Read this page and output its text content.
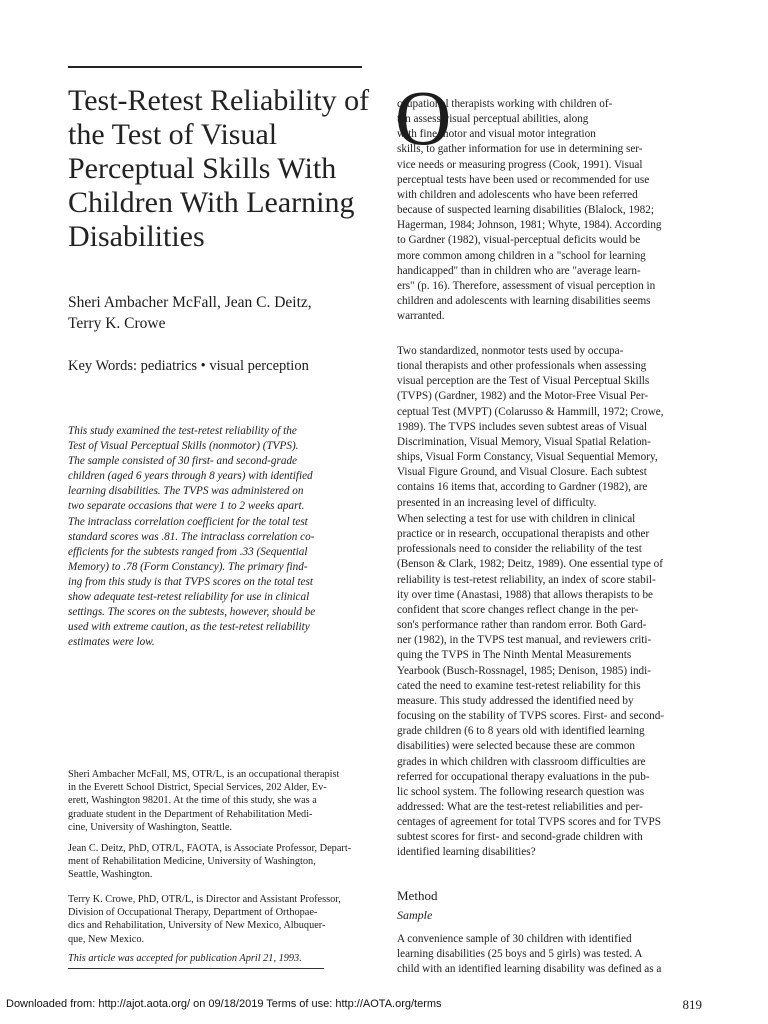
Test-Retest Reliability of
the Test of Visual
Perceptual Skills With
Children With Learning
Disabilities
Sheri Ambacher McFall, Jean C. Deitz,
Terry K. Crowe
Key Words: pediatrics • visual perception
This study examined the test-retest reliability of the
Test of Visual Perceptual Skills (nonmotor) (TVPS).
The sample consisted of 30 first- and second-grade
children (aged 6 years through 8 years) with identified
learning disabilities. The TVPS was administered on
two separate occasions that were 1 to 2 weeks apart.
The intraclass correlation coefficient for the total test
standard scores was .81. The intraclass correlation co-
efficients for the subtests ranged from .33 (Sequential
Memory) to .78 (Form Constancy). The primary find-
ing from this study is that TVPS scores on the total test
show adequate test-retest reliability for use in clinical
settings. The scores on the subtests, however, should be
used with extreme caution, as the test-retest reliability
estimates were low.
Sheri Ambacher McFall, MS, OTR/L, is an occupational therapist
in the Everett School District, Special Services, 202 Alder, Ev-
erett, Washington 98201. At the time of this study, she was a
graduate student in the Department of Rehabilitation Medi-
cine, University of Washington, Seattle.
Jean C. Deitz, PhD, OTR/L, FAOTA, is Associate Professor, Depart-
ment of Rehabilitation Medicine, University of Washington,
Seattle, Washington.
Terry K. Crowe, PhD, OTR/L, is Director and Assistant Professor,
Division of Occupational Therapy, Department of Orthopae-
dics and Rehabilitation, University of New Mexico, Albuquer-
que, New Mexico.
This article was accepted for publication April 21, 1993.
O
ccupational therapists working with children of-
ten assess visual perceptual abilities, along
with fine motor and visual motor integration
skills, to gather information for use in determining ser-
vice needs or measuring progress (Cook, 1991). Visual
perceptual tests have been used or recommended for use
with children and adolescents who have been referred
because of suspected learning disabilities (Blalock, 1982;
Hagerman, 1984; Johnson, 1981; Whyte, 1984). According
to Gardner (1982), visual-perceptual deficits would be
more common among children in a "school for learning
handicapped" than in children who are "average learn-
ers" (p. 16). Therefore, assessment of visual perception in
children and adolescents with learning disabilities seems
warranted.
Two standardized, nonmotor tests used by occupa-
tional therapists and other professionals when assessing
visual perception are the Test of Visual Perceptual Skills
(TVPS) (Gardner, 1982) and the Motor-Free Visual Per-
ceptual Test (MVPT) (Colarusso & Hammill, 1972; Crowe,
1989). The TVPS includes seven subtest areas of Visual
Discrimination, Visual Memory, Visual Spatial Relation-
ships, Visual Form Constancy, Visual Sequential Memory,
Visual Figure Ground, and Visual Closure. Each subtest
contains 16 items that, according to Gardner (1982), are
presented in an increasing level of difficulty.
When selecting a test for use with children in clinical
practice or in research, occupational therapists and other
professionals need to consider the reliability of the test
(Benson & Clark, 1982; Deitz, 1989). One essential type of
reliability is test-retest reliability, an index of score stabil-
ity over time (Anastasi, 1988) that allows therapists to be
confident that score changes reflect change in the per-
son's performance rather than random error. Both Gard-
ner (1982), in the TVPS test manual, and reviewers criti-
quing the TVPS in The Ninth Mental Measurements
Yearbook (Busch-Rossnagel, 1985; Denison, 1985) indi-
cated the need to examine test-retest reliability for this
measure. This study addressed the identified need by
focusing on the stability of TVPS scores. First- and second-
grade children (6 to 8 years old with identified learning
disabilities) were selected because these are common
grades in which children with classroom difficulties are
referred for occupational therapy evaluations in the pub-
lic school system. The following research question was
addressed: What are the test-retest reliabilities and per-
centages of agreement for total TVPS scores and for TVPS
subtest scores for first- and second-grade children with
identified learning disabilities?
Method
Sample
A convenience sample of 30 children with identified
learning disabilities (25 boys and 5 girls) was tested. A
child with an identified learning disability was defined as a
Downloaded from: http://ajot.aota.org/ on 09/18/2019 Terms of use: http://AOTA.org/terms	819
